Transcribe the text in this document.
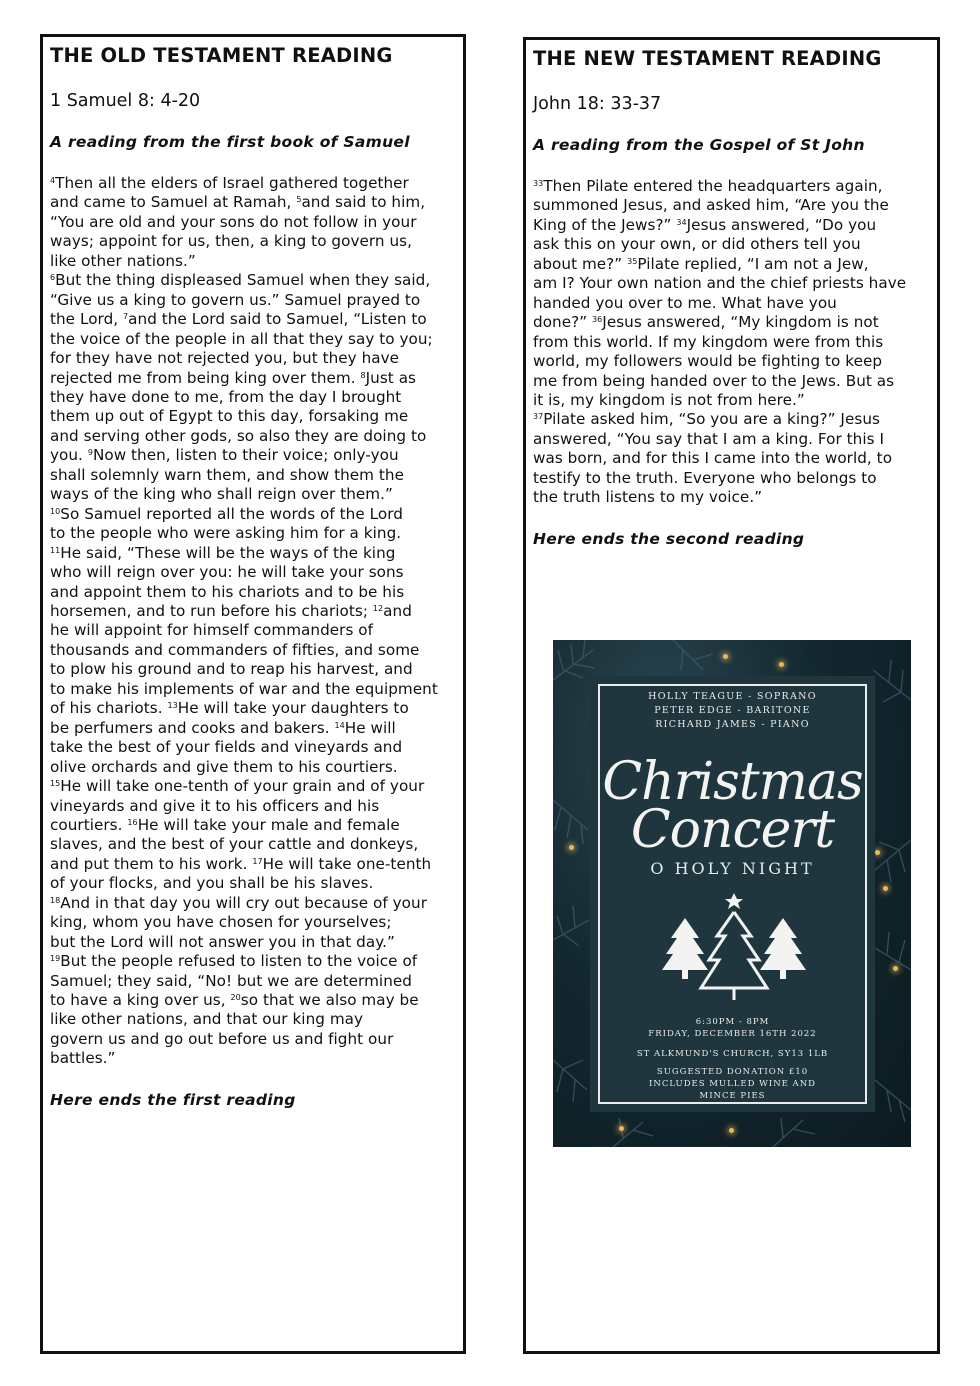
THE OLD TESTAMENT READING

1 Samuel 8: 4-20

A reading from the first book of Samuel

$^4$Then all the elders of Israel gathered together
and came to Samuel at Ramah, $^5$and said to him,
“You are old and your sons do not follow in your
ways; appoint for us, then, a king to govern us,
like other nations.”
$^6$But the thing displeased Samuel when they said,
“Give us a king to govern us.” Samuel prayed to
the Lord, $^7$and the Lord said to Samuel, “Listen to
the voice of the people in all that they say to you;
for they have not rejected you, but they have
rejected me from being king over them. $^8$Just as
they have done to me, from the day I brought
them up out of Egypt to this day, forsaking me
and serving other gods, so also they are doing to
you. $^9$Now then, listen to their voice; only-you
shall solemnly warn them, and show them the
ways of the king who shall reign over them.”
$^{10}$So Samuel reported all the words of the Lord
to the people who were asking him for a king.
$^{11}$He said, “These will be the ways of the king
who will reign over you: he will take your sons
and appoint them to his chariots and to be his
horsemen, and to run before his chariots; $^{12}$and
he will appoint for himself commanders of
thousands and commanders of fifties, and some
to plow his ground and to reap his harvest, and
to make his implements of war and the equipment
of his chariots. $^{13}$He will take your daughters to
be perfumers and cooks and bakers. $^{14}$He will
take the best of your fields and vineyards and
olive orchards and give them to his courtiers.
$^{15}$He will take one-tenth of your grain and of your
vineyards and give it to his officers and his
courtiers. $^{16}$He will take your male and female
slaves, and the best of your cattle and donkeys,
and put them to his work. $^{17}$He will take one-tenth
of your flocks, and you shall be his slaves.
$^{18}$And in that day you will cry out because of your
king, whom you have chosen for yourselves;
but the Lord will not answer you in that day.”
$^{19}$But the people refused to listen to the voice of
Samuel; they said, “No! but we are determined
to have a king over us, $^{20}$so that we also may be
like other nations, and that our king may
govern us and go out before us and fight our
battles.”

Here ends the first reading

THE NEW TESTAMENT READING

John 18: 33-37

A reading from the Gospel of St John

$^{33}$Then Pilate entered the headquarters again,
summoned Jesus, and asked him, “Are you the
King of the Jews?” $^{34}$Jesus answered, “Do you
ask this on your own, or did others tell you
about me?” $^{35}$Pilate replied, “I am not a Jew,
am I? Your own nation and the chief priests have
handed you over to me. What have you
done?” $^{36}$Jesus answered, “My kingdom is not
from this world. If my kingdom were from this
world, my followers would be fighting to keep
me from being handed over to the Jews. But as
it is, my kingdom is not from here.”
$^{37}$Pilate asked him, “So you are a king?” Jesus
answered, “You say that I am a king. For this I
was born, and for this I came into the world, to
testify to the truth. Everyone who belongs to
the truth listens to my voice.”

Here ends the second reading

HOLLY TEAGUE - SOPRANO
PETER EDGE - BARITONE
RICHARD JAMES - PIANO
Christmas
Concert
O HOLY NIGHT
6:30PM - 8PM
FRIDAY, DECEMBER 16TH 2022
ST ALKMUND'S CHURCH, SY13 1LB
SUGGESTED DONATION £10
INCLUDES MULLED WINE AND
MINCE PIES
